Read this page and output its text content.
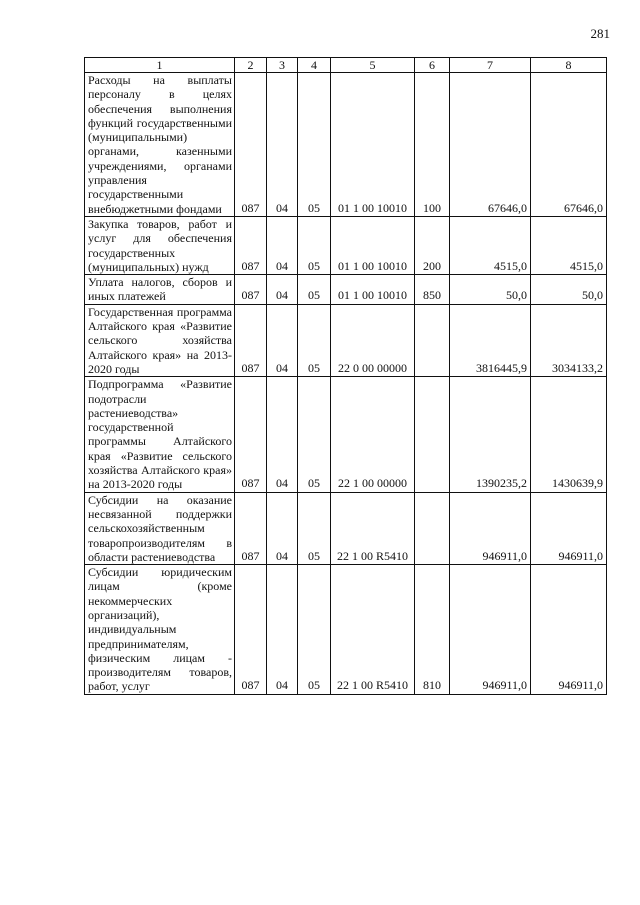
281
1	2	3	4	5	6	7	8
Расходы на выплаты персоналу в целях обеспечения выполнения функций государственными (муниципальными) органами, казенными учреждениями, органами управления государственными внебюджетными фондами	087	04	05	01 1 00 10010	100	67646,0	67646,0
Закупка товаров, работ и услуг для обеспечения государственных (муниципальных) нужд	087	04	05	01 1 00 10010	200	4515,0	4515,0
Уплата налогов, сборов и иных платежей	087	04	05	01 1 00 10010	850	50,0	50,0
Государственная программа Алтайского края «Развитие сельского хозяйства Алтайского края» на 2013-2020 годы	087	04	05	22 0 00 00000		3816445,9	3034133,2
Подпрограмма «Развитие подотрасли растениеводства» государственной программы Алтайского края «Развитие сельского хозяйства Алтайского края» на 2013-2020 годы	087	04	05	22 1 00 00000		1390235,2	1430639,9
Субсидии на оказание несвязанной поддержки сельскохозяйственным товаропроизводителям в области растениеводства	087	04	05	22 1 00 R5410		946911,0	946911,0
Субсидии юридическим лицам (кроме некоммерческих организаций), индивидуальным предпринимателям, физическим лицам - производителям товаров, работ, услуг	087	04	05	22 1 00 R5410	810	946911,0	946911,0
